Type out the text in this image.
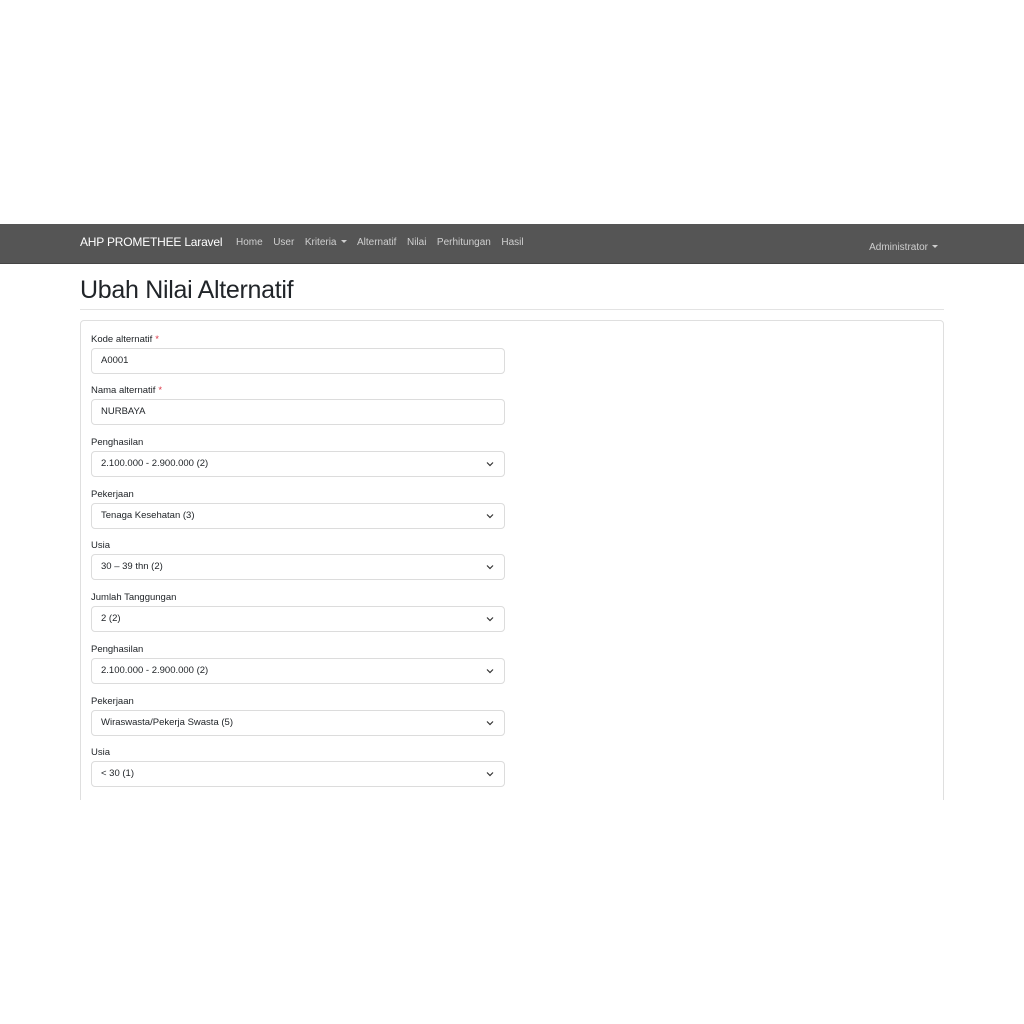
AHP PROMETHEE Laravel Home User Kriteria	Alternatif Nilai Perhitungan Hasil	Administrator
Ubah Nilai Alternatif
Kode alternatif *
A0001
Nama alternatif *
NURBAYA
Penghasilan
2.100.000 - 2.900.000 (2)
Pekerjaan
Tenaga Kesehatan (3)
Usia
30 – 39 thn (2)
Jumlah Tanggungan
2 (2)
Penghasilan
2.100.000 - 2.900.000 (2)
Pekerjaan
Wiraswasta/Pekerja Swasta (5)
Usia
< 30 (1)
